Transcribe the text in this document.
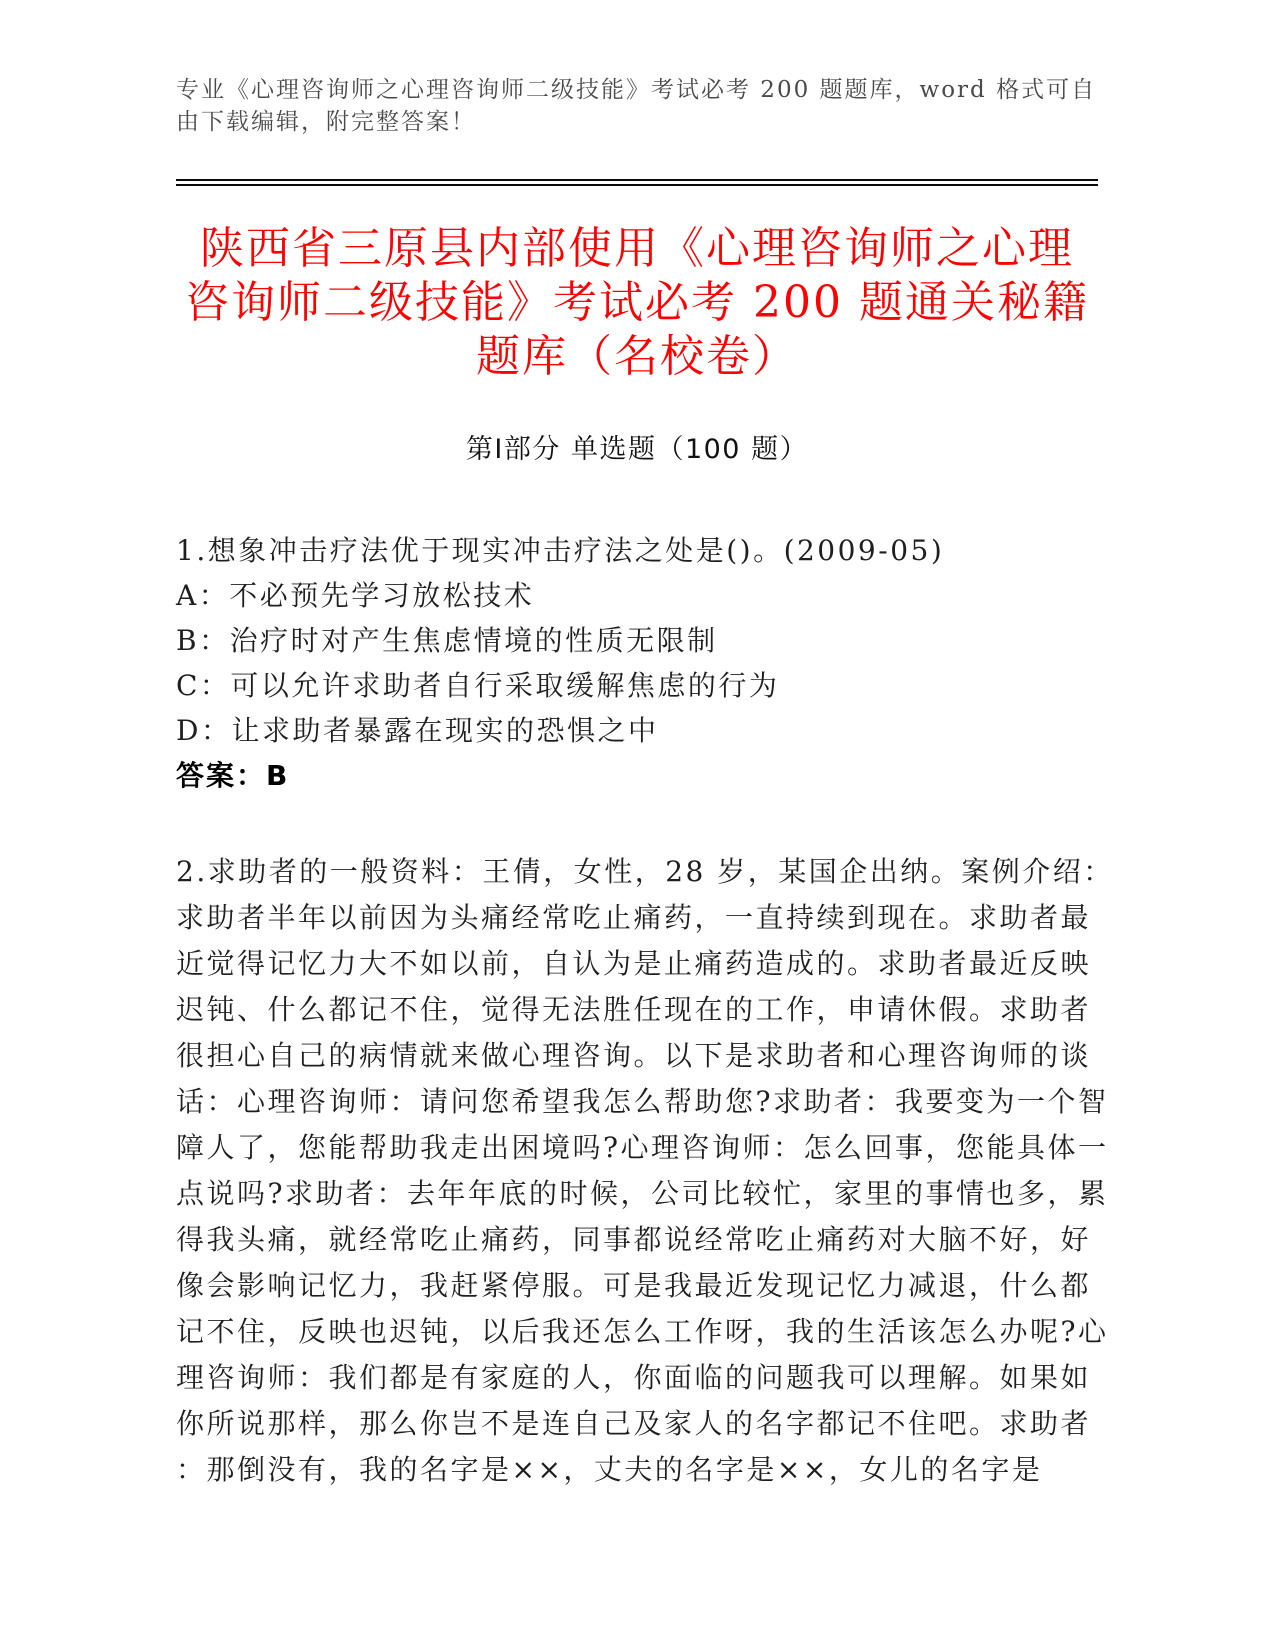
专业《心理咨询师之心理咨询师二级技能》考试必考 200 题题库，word 格式可自
由下载编辑，附完整答案！
陕西省三原县内部使用《心理咨询师之心理
咨询师二级技能》考试必考 200 题通关秘籍
题库（名校卷）
第Ⅰ部分 单选题（100 题）
1.想象冲击疗法优于现实冲击疗法之处是()。(2009-05)
A：不必预先学习放松技术
B：治疗时对产生焦虑情境的性质无限制
C：可以允许求助者自行采取缓解焦虑的行为
D：让求助者暴露在现实的恐惧之中
答案：B
2.求助者的一般资料：王倩，女性，28 岁，某国企出纳。案例介绍：
求助者半年以前因为头痛经常吃止痛药，一直持续到现在。求助者最
近觉得记忆力大不如以前，自认为是止痛药造成的。求助者最近反映
迟钝、什么都记不住，觉得无法胜任现在的工作，申请休假。求助者
很担心自己的病情就来做心理咨询。以下是求助者和心理咨询师的谈
话：心理咨询师：请问您希望我怎么帮助您?求助者：我要变为一个智
障人了，您能帮助我走出困境吗?心理咨询师：怎么回事，您能具体一
点说吗?求助者：去年年底的时候，公司比较忙，家里的事情也多，累
得我头痛，就经常吃止痛药，同事都说经常吃止痛药对大脑不好，好
像会影响记忆力，我赶紧停服。可是我最近发现记忆力减退，什么都
记不住，反映也迟钝，以后我还怎么工作呀，我的生活该怎么办呢?心
理咨询师：我们都是有家庭的人，你面临的问题我可以理解。如果如
你所说那样，那么你岂不是连自己及家人的名字都记不住吧。求助者
：那倒没有，我的名字是××，丈夫的名字是××，女儿的名字是
